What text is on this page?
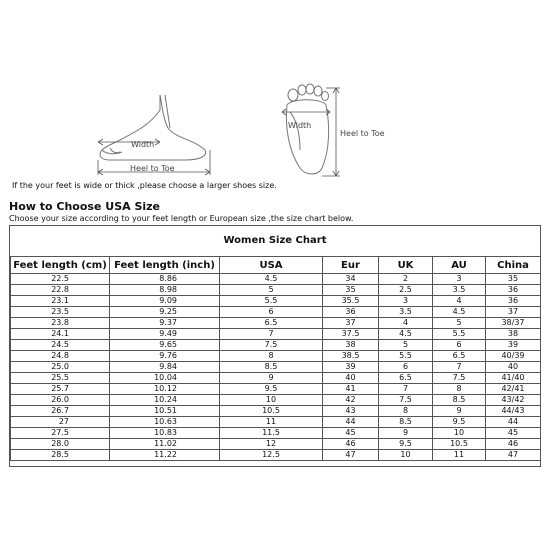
Width
Heel to Toe
Width
Heel to Toe
If the your feet is wide or thick ,please choose a larger shoes size.
How to Choose USA Size
Choose your size according to your feet length or European size ,the size chart below.
Women Size Chart
Feet length (cm)	Feet length (inch)	USA	Eur	UK	AU	China
22.5	8.86	4.5	34	2	3	35
22.8	8.98	5	35	2.5	3.5	36
23.1	9.09	5.5	35.5	3	4	36
23.5	9.25	6	36	3.5	4.5	37
23.8	9.37	6.5	37	4	5	38/37
24.1	9.49	7	37.5	4.5	5.5	38
24.5	9.65	7.5	38	5	6	39
24.8	9.76	8	38.5	5.5	6.5	40/39
25.0	9.84	8.5	39	6	7	40
25.5	10.04	9	40	6.5	7.5	41/40
25.7	10.12	9.5	41	7	8	42/41
26.0	10.24	10	42	7.5	8.5	43/42
26.7	10.51	10.5	43	8	9	44/43
27	10.63	11	44	8.5	9.5	44
27.5	10.83	11.5	45	9	10	45
28.0	11.02	12	46	9.5	10.5	46
28.5	11.22	12.5	47	10	11	47
